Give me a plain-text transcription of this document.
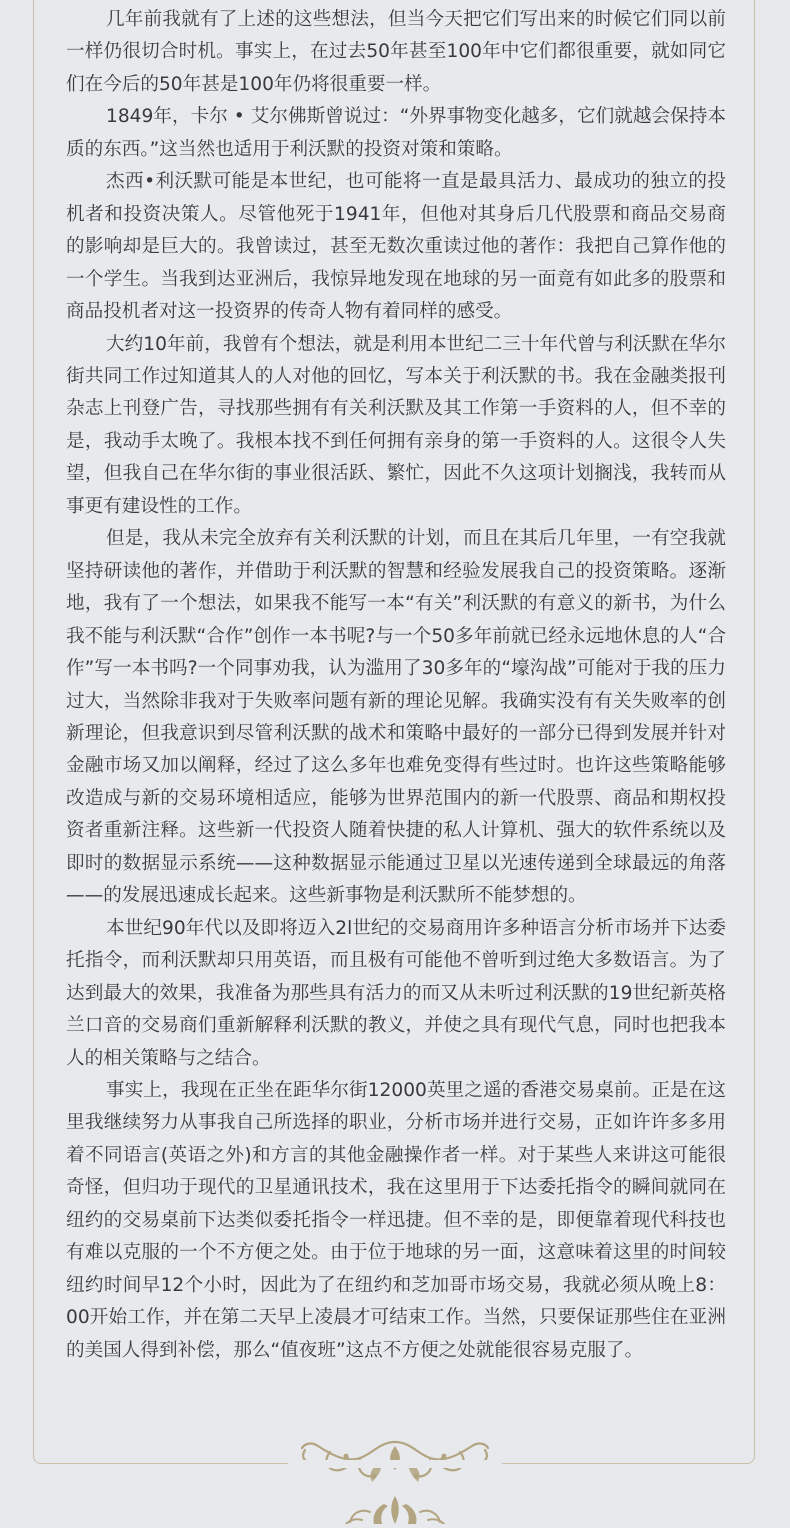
几年前我就有了上述的这些想法，但当今天把它们写出来的时候它们同以前一样仍很切合时机。事实上，在过去50年甚至100年中它们都很重要，就如同它们在今后的50年甚是100年仍将很重要一样。

1849年，卡尔 • 艾尔佛斯曾说过：“外界事物变化越多，它们就越会保持本质的东西。”这当然也适用于利沃默的投资对策和策略。

杰西•利沃默可能是本世纪，也可能将一直是最具活力、最成功的独立的投机者和投资决策人。尽管他死于1941年，但他对其身后几代股票和商品交易商的影响却是巨大的。我曾读过，甚至无数次重读过他的著作：我把自己算作他的一个学生。当我到达亚洲后，我惊异地发现在地球的另一面竟有如此多的股票和商品投机者对这一投资界的传奇人物有着同样的感受。

大约10年前，我曾有个想法，就是利用本世纪二三十年代曾与利沃默在华尔街共同工作过知道其人的人对他的回忆，写本关于利沃默的书。我在金融类报刊杂志上刊登广告，寻找那些拥有有关利沃默及其工作第一手资料的人，但不幸的是，我动手太晚了。我根本找不到任何拥有亲身的第一手资料的人。这很令人失望，但我自己在华尔街的事业很活跃、繁忙，因此不久这项计划搁浅，我转而从事更有建设性的工作。

但是，我从未完全放弃有关利沃默的计划，而且在其后几年里，一有空我就坚持研读他的著作，并借助于利沃默的智慧和经验发展我自己的投资策略。逐渐地，我有了一个想法，如果我不能写一本“有关”利沃默的有意义的新书，为什么我不能与利沃默“合作”创作一本书呢?与一个50多年前就已经永远地休息的人“合作”写一本书吗?一个同事劝我，认为滥用了30多年的“壕沟战”可能对于我的压力过大，当然除非我对于失败率问题有新的理论见解。我确实没有有关失败率的创新理论，但我意识到尽管利沃默的战术和策略中最好的一部分已得到发展并针对金融市场又加以阐释，经过了这么多年也难免变得有些过时。也许这些策略能够改造成与新的交易环境相适应，能够为世界范围内的新一代股票、商品和期权投资者重新注释。这些新一代投资人随着快捷的私人计算机、强大的软件系统以及即时的数据显示系统——这种数据显示能通过卫星以光速传递到全球最远的角落——的发展迅速成长起来。这些新事物是利沃默所不能梦想的。

本世纪90年代以及即将迈入2l世纪的交易商用许多种语言分析市场并下达委托指令，而利沃默却只用英语，而且极有可能他不曾听到过绝大多数语言。为了达到最大的效果，我准备为那些具有活力的而又从未听过利沃默的19世纪新英格兰口音的交易商们重新解释利沃默的教义，并使之具有现代气息，同时也把我本人的相关策略与之结合。

事实上，我现在正坐在距华尔街12000英里之遥的香港交易桌前。正是在这里我继续努力从事我自己所选择的职业，分析市场并进行交易，正如许许多多用着不同语言(英语之外)和方言的其他金融操作者一样。对于某些人来讲这可能很奇怪，但归功于现代的卫星通讯技术，我在这里用于下达委托指令的瞬间就同在纽约的交易桌前下达类似委托指令一样迅捷。但不幸的是，即便靠着现代科技也有难以克服的一个不方便之处。由于位于地球的另一面，这意味着这里的时间较纽约时间早12个小时，因此为了在纽约和芝加哥市场交易，我就必须从晚上8：00开始工作，并在第二天早上凌晨才可结束工作。当然，只要保证那些住在亚洲的美国人得到补偿，那么“值夜班”这点不方便之处就能很容易克服了。
